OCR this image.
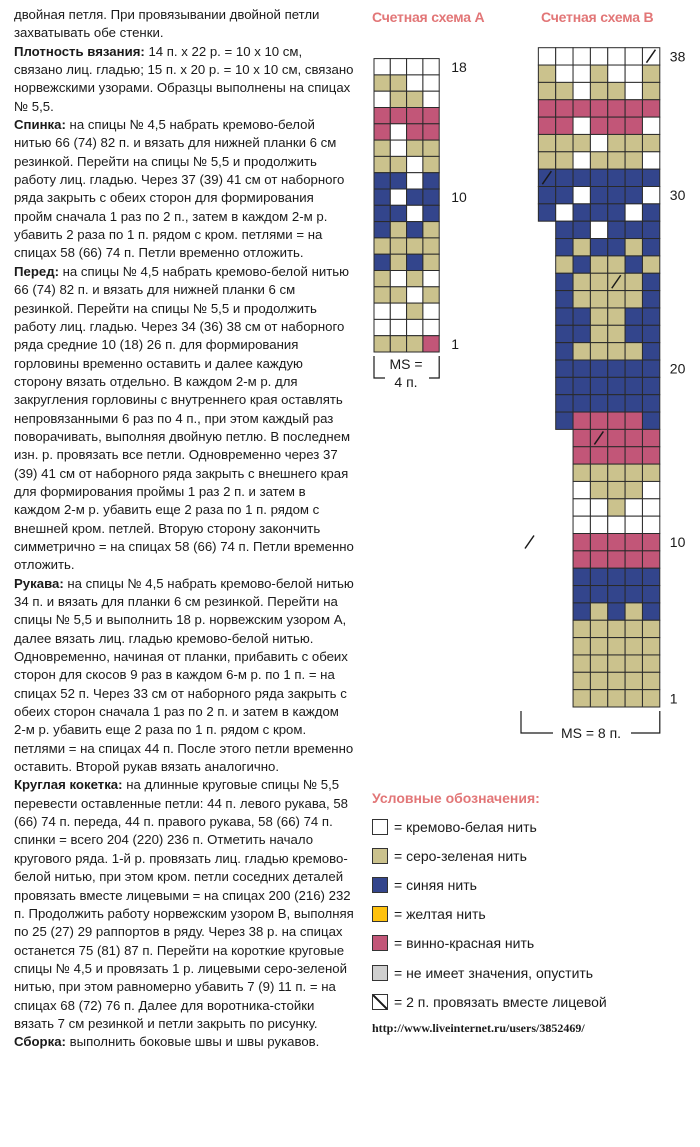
двойная петля. При провязывании двойной петли захватывать обе стенки.

Плотность вязания: 14 п. х 22 р. = 10 х 10 см, связано лиц. гладью; 15 п. х 20 р. = 10 х 10 см, связано норвежскими узорами. Образцы выполнены на спицах № 5,5.

Спинка: на спицы № 4,5 набрать кремово-белой нитью 66 (74) 82 п. и вязать для нижней планки 6 см резинкой. Перейти на спицы № 5,5 и продолжить работу лиц. гладью. Через 37 (39) 41 см от наборного ряда закрыть с обеих сторон для формирования пройм сначала 1 раз по 2 п., затем в каждом 2-м р. убавить 2 раза по 1 п. рядом с кром. петлями = на спицах 58 (66) 74 п. Петли временно отложить.

Перед: на спицы № 4,5 набрать кремово-белой нитью 66 (74) 82 п. и вязать для нижней планки 6 см резинкой. Перейти на спицы № 5,5 и продолжить работу лиц. гладью. Через 34 (36) 38 см от наборного ряда средние 10 (18) 26 п. для формирования горловины временно оставить и далее каждую сторону вязать отдельно. В каждом 2-м р. для закругления горловины с внутреннего края оставлять непровязанными 6 раз по 4 п., при этом каждый раз поворачивать, выполняя двойную петлю. В последнем изн. р. провязать все петли. Одновременно через 37 (39) 41 см от наборного ряда закрыть с внешнего края для формирования проймы 1 раз 2 п. и затем в каждом 2-м р. убавить еще 2 раза по 1 п. рядом с внешней кром. петлей. Вторую сторону закончить симметрично = на спицах 58 (66) 74 п. Петли временно отложить.

Рукава: на спицы № 4,5 набрать кремово-белой нитью 34 п. и вязать для планки 6 см резинкой. Перейти на спицы № 5,5 и выполнить 18 р. норвежским узором А, далее вязать лиц. гладью кремово-белой нитью. Одновременно, начиная от планки, прибавить с обеих сторон для скосов 9 раз в каждом 6-м р. по 1 п. = на спицах 52 п. Через 33 см от наборного ряда закрыть с обеих сторон сначала 1 раз по 2 п. и затем в каждом 2-м р. убавить еще 2 раза по 1 п. рядом с кром. петлями = на спицах 44 п. После этого петли временно оставить. Второй рукав вязать аналогично.

Круглая кокетка: на длинные круговые спицы № 5,5 перевести оставленные петли: 44 п. левого рукава, 58 (66) 74 п. переда, 44 п. правого рукава, 58 (66) 74 п. спинки = всего 204 (220) 236 п. Отметить начало кругового ряда. 1-й р. провязать лиц. гладью кремово-белой нитью, при этом кром. петли соседних деталей провязать вместе лицевыми = на спицах 200 (216) 232 п. Продолжить работу норвежским узором В, выполняя по 25 (27) 29 раппортов в ряду. Через 38 р. на спицах останется 75 (81) 87 п. Перейти на короткие круговые спицы № 4,5 и провязать 1 р. лицевыми серо-зеленой нитью, при этом равномерно убавить 7 (9) 11 п. = на спицах 68 (72) 76 п. Далее для воротника-стойки вязать 7 см резинкой и петли закрыть по рисунку.

Сборка: выполнить боковые швы и швы рукавов.

Счетная схема А	Счетная схема В
18
10
1
MS =
4 п.
38
30
20
10
1
MS = 8 п.
Условные обозначения:
= кремово-белая нить
= серо-зеленая нить
= синяя нить
= желтая нить
= винно-красная нить
= не имеет значения, опустить
= 2 п. провязать вместе лицевой
http://www.liveinternet.ru/users/3852469/
